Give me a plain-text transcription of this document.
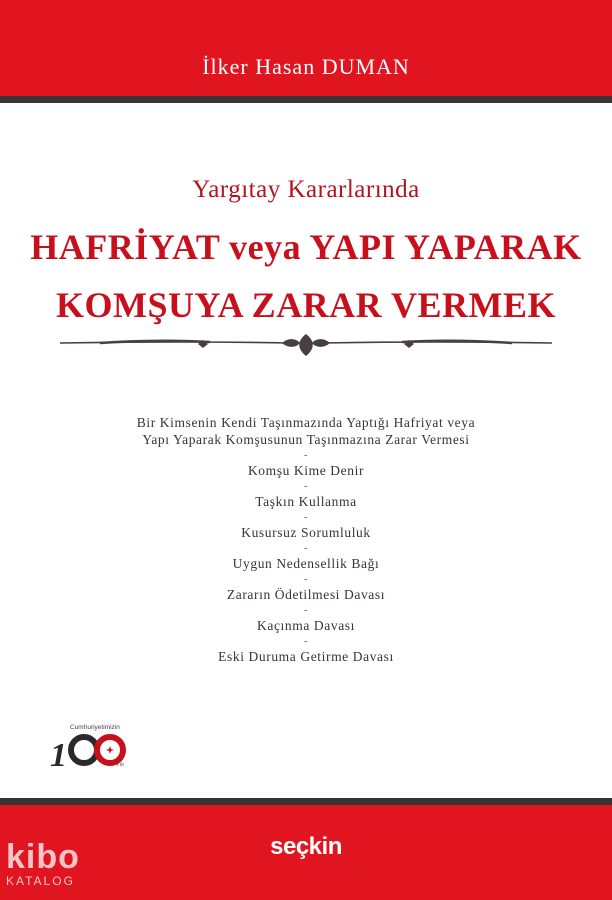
İlker Hasan DUMAN
Yargıtay Kararlarında
HAFRİYAT veya YAPI YAPARAK
KOMŞUYA ZARAR VERMEK
Bir Kimsenin Kendi Taşınmazında Yaptığı Hafriyat veya
Yapı Yaparak Komşusunun Taşınmazına Zarar Vermesi
-
Komşu Kime Denir
-
Taşkın Kullanma
-
Kusursuz Sorumluluk
-
Uygun Nedensellik Bağı
-
Zararın Ödetilmesi Davası
-
Kaçınma Davası
-
Eski Duruma Getirme Davası
1
Cumhuriyetimizin
Yılı
seçkin
kibo
KATALOG
